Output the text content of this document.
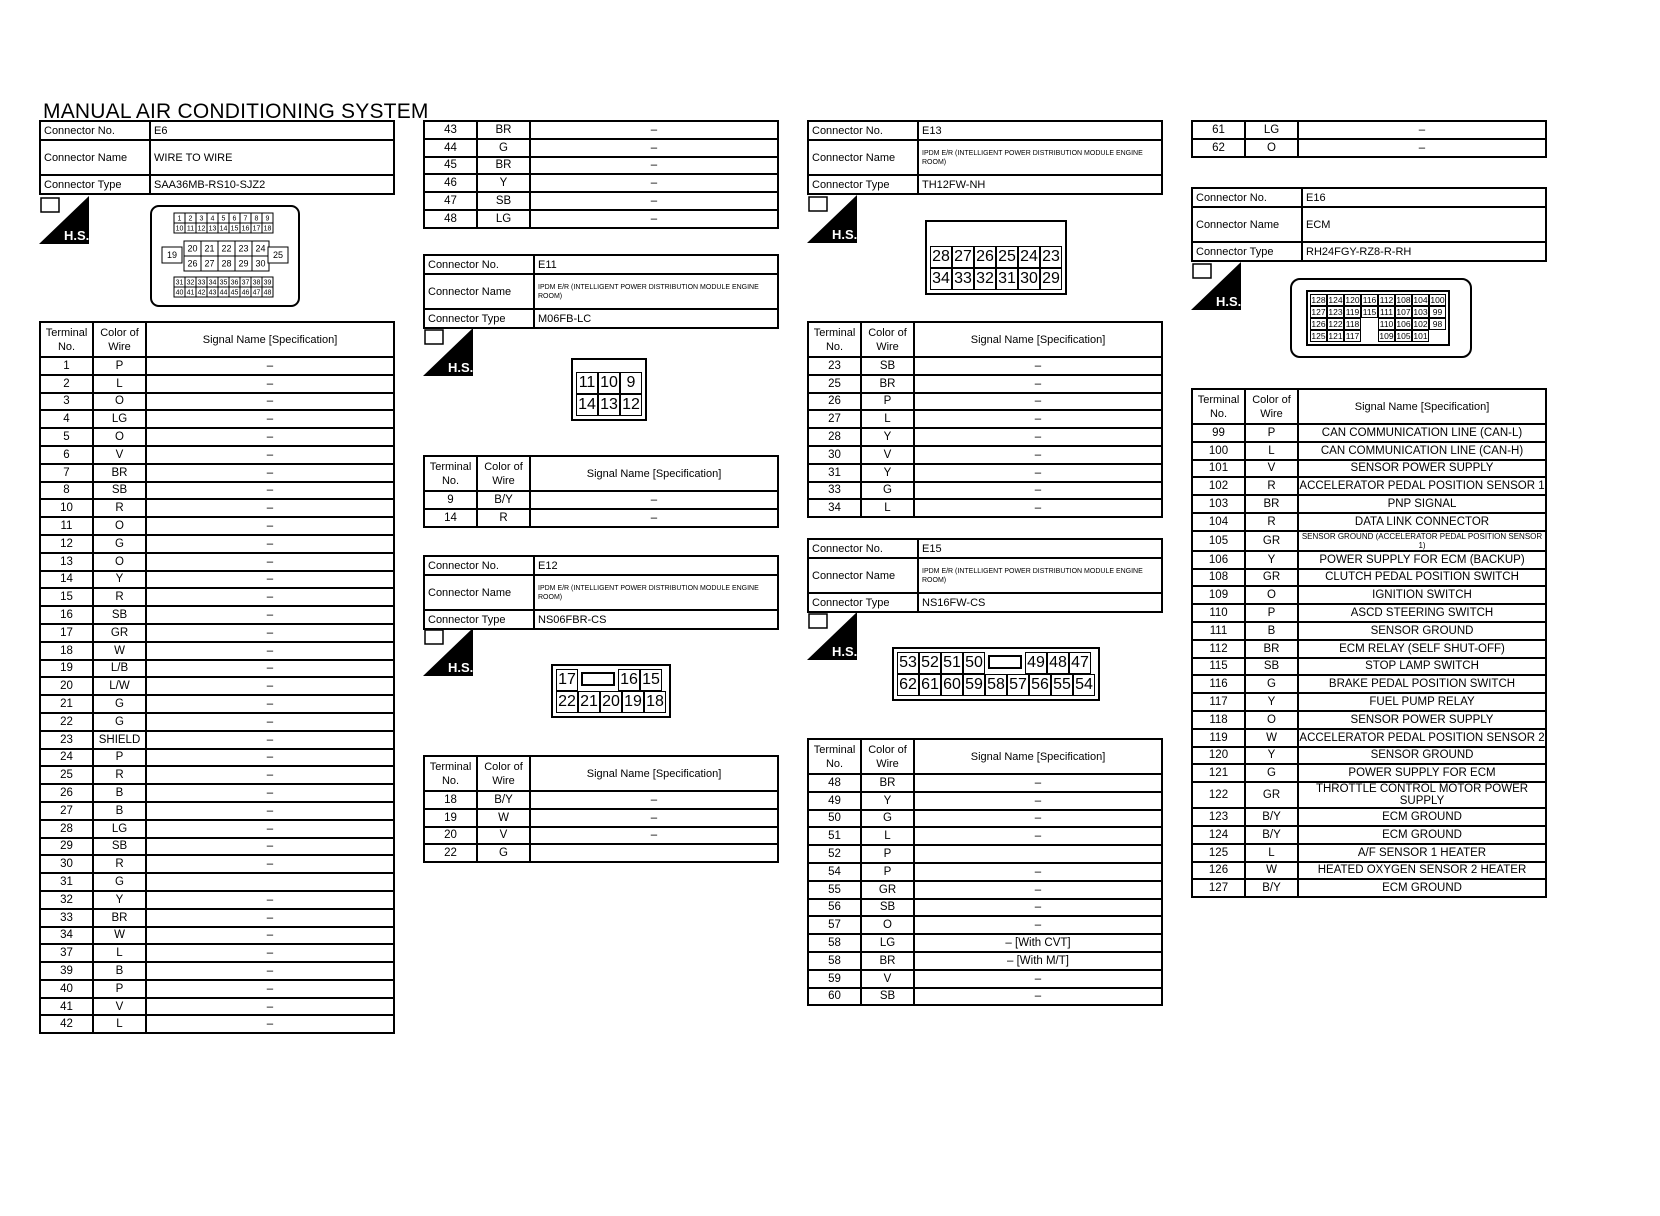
MANUAL AIR CONDITIONING SYSTEM
Connector No.	E6
Connector Name	WIRE TO WIRE
Connector Type	SAA36MB-RS10-SJZ2
H.S.
1 2 3 4 5 6 7 8 9
10 11 12 13 14 15 16 17 18
19
20 21 22 23 24
26 27 28 29 30
25
31 32 33 34 35 36 37 38 39
40 41 42 43 44 45 46 47 48
Terminal No.	Color of Wire	Signal Name [Specification]
1	P	–
2	L	–
3	O	–
4	LG	–
5	O	–
6	V	–
7	BR	–
8	SB	–
10	R	–
11	O	–
12	G	–
13	O	–
14	Y	–
15	R	–
16	SB	–
17	GR	–
18	W	–
19	L/B	–
20	L/W	–
21	G	–
22	G	–
23	SHIELD	–
24	P	–
25	R	–
26	B	–
27	B	–
28	LG	–
29	SB	–
30	R	–
31	G	
32	Y	–
33	BR	–
34	W	–
37	L	–
39	B	–
40	P	–
41	V	–
42	L	–
43	BR	–
44	G	–
45	BR	–
46	Y	–
47	SB	–
48	LG	–
Connector No.	E11
Connector Name	IPDM E/R (INTELLIGENT POWER DISTRIBUTION MODULE ENGINE ROOM)
Connector Type	M06FB-LC
H.S.
11 10 9
14 13 12
Terminal No.	Color of Wire	Signal Name [Specification]
9	B/Y	–
14	R	–
Connector No.	E12
Connector Name	IPDM E/R (INTELLIGENT POWER DISTRIBUTION MODULE ENGINE ROOM)
Connector Type	NS06FBR-CS
H.S.
17	16 15
22 21 20 19 18
Terminal No.	Color of Wire	Signal Name [Specification]
18	B/Y	–
19	W	–
20	V	–
22	G	
Connector No.	E13
Connector Name	IPDM E/R (INTELLIGENT POWER DISTRIBUTION MODULE ENGINE ROOM)
Connector Type	TH12FW-NH
H.S.
28 27 26 25 24 23
34 33 32 31 30 29
Terminal No.	Color of Wire	Signal Name [Specification]
23	SB	–
25	BR	–
26	P	–
27	L	–
28	Y	–
30	V	–
31	Y	–
33	G	–
34	L	–
Connector No.	E15
Connector Name	IPDM E/R (INTELLIGENT POWER DISTRIBUTION MODULE ENGINE ROOM)
Connector Type	NS16FW-CS
H.S.
53 52 51 50	49 48 47
62 61 60 59 58 57 56 55 54
Terminal No.	Color of Wire	Signal Name [Specification]
48	BR	–
49	Y	–
50	G	–
51	L	–
52	P	
54	P	–
55	GR	–
56	SB	–
57	O	–
58	LG	– [With CVT]
58	BR	– [With M/T]
59	V	–
60	SB	–
61	LG	–
62	O	–
Connector No.	E16
Connector Name	ECM
Connector Type	RH24FGY-RZ8-R-RH
H.S.	128 124 120 116 112 108 104 100
127 123 119 115 111 107 103 99
126 122 118 110 106 102 98
125 121 117 109 105 101
Terminal No.	Color of Wire	Signal Name [Specification]
99	P	CAN COMMUNICATION LINE (CAN-L)
100	L	CAN COMMUNICATION LINE (CAN-H)
101	V	SENSOR POWER SUPPLY
102	R	ACCELERATOR PEDAL POSITION SENSOR 1
103	BR	PNP SIGNAL
104	R	DATA LINK CONNECTOR
105	GR	SENSOR GROUND (ACCELERATOR PEDAL POSITION SENSOR 1)
106	Y	POWER SUPPLY FOR ECM (BACKUP)
108	GR	CLUTCH PEDAL POSITION SWITCH
109	O	IGNITION SWITCH
110	P	ASCD STEERING SWITCH
111	B	SENSOR GROUND
112	BR	ECM RELAY (SELF SHUT-OFF)
115	SB	STOP LAMP SWITCH
116	G	BRAKE PEDAL POSITION SWITCH
117	Y	FUEL PUMP RELAY
118	O	SENSOR POWER SUPPLY
119	W	ACCELERATOR PEDAL POSITION SENSOR 2
120	Y	SENSOR GROUND
121	G	POWER SUPPLY FOR ECM
122	GR	THROTTLE CONTROL MOTOR POWER SUPPLY
123	B/Y	ECM GROUND
124	B/Y	ECM GROUND
125	L	A/F SENSOR 1 HEATER
126	W	HEATED OXYGEN SENSOR 2 HEATER
127	B/Y	ECM GROUND
